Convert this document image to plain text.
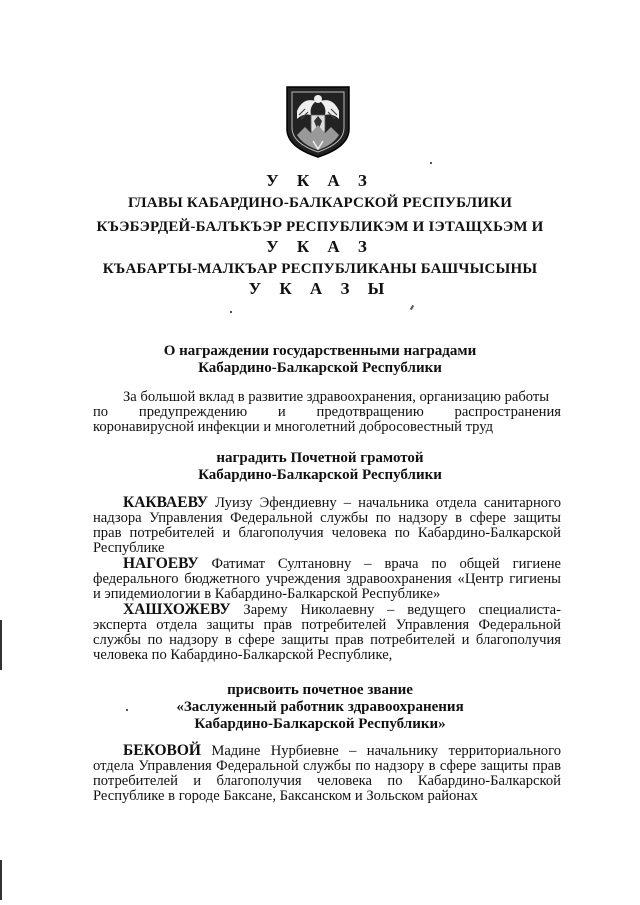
У К А З
ГЛАВЫ КАБАРДИНО-БАЛКАРСКОЙ РЕСПУБЛИКИ
КЪЭБЭРДЕЙ-БАЛЪКЪЭР РЕСПУБЛИКЭМ И ІЭТАЩХЬЭМ И
У К А З
КЪАБАРТЫ-МАЛКЪАР РЕСПУБЛИКАНЫ БАШЧЫСЫНЫ
У К А З Ы
О награждении государственными наградами
Кабардино-Балкарской Республики
За большой вклад в развитие здравоохранения, организацию работы
по предупреждению и предотвращению распространения
коронавирусной инфекции и многолетний добросовестный труд
наградить Почетной грамотой
Кабардино-Балкарской Республики
КАКВАЕВУ Луизу Эфендиевну – начальника отдела санитарного надзора Управления Федеральной службы по надзору в сфере защиты прав потребителей и благополучия человека по Кабардино-Балкарской Республике
НАГОЕВУ Фатимат Султановну – врача по общей гигиене федерального бюджетного учреждения здравоохранения «Центр гигиены и эпидемиологии в Кабардино-Балкарской Республике»
ХАШХОЖЕВУ Зарему Николаевну – ведущего специалиста-эксперта отдела защиты прав потребителей Управления Федеральной службы по надзору в сфере защиты прав потребителей и благополучия человека по Кабардино-Балкарской Республике,
присвоить почетное звание
«Заслуженный работник здравоохранения
Кабардино-Балкарской Республики»
БЕКОВОЙ Мадине Нурбиевне – начальнику территориального отдела Управления Федеральной службы по надзору в сфере защиты прав потребителей и благополучия человека по Кабардино-Балкарской Республике в городе Баксане, Баксанском и Зольском районах
